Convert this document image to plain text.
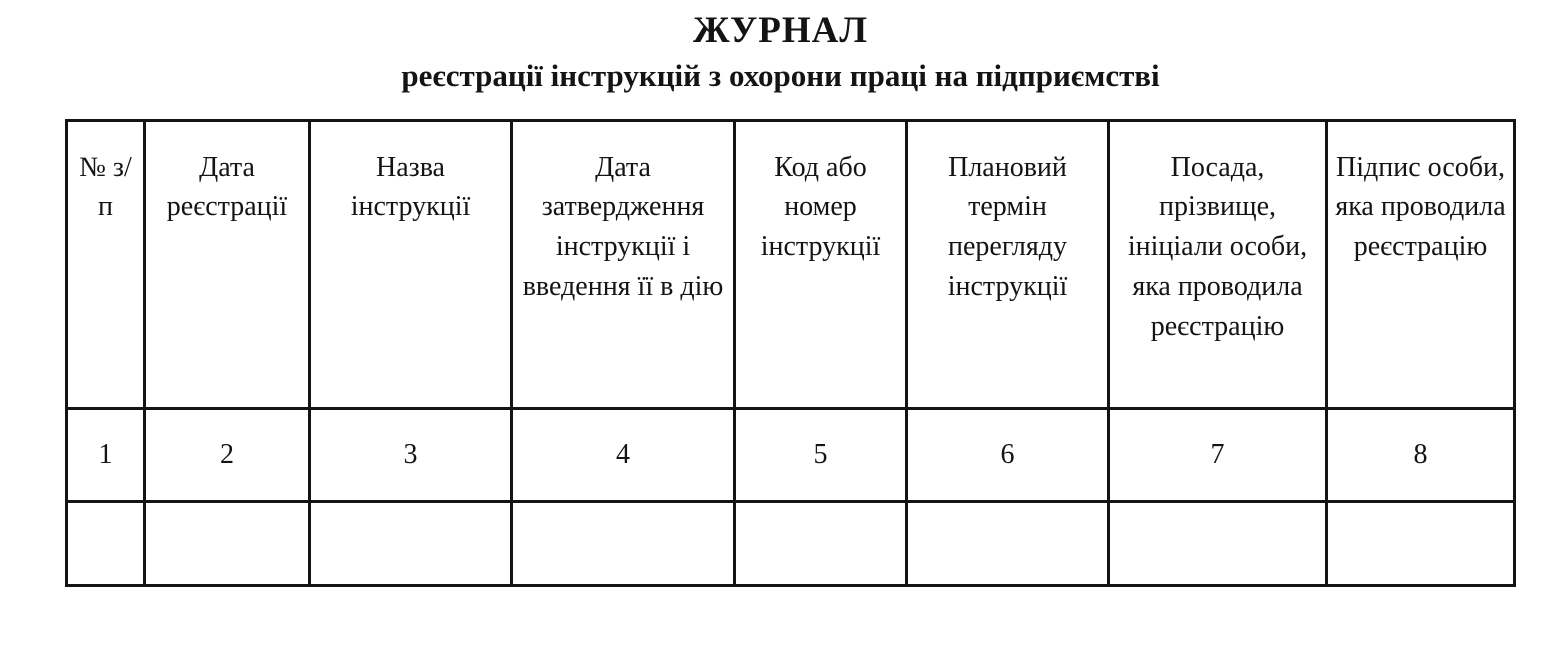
ЖУРНАЛ
реєстрації інструкцій з охорони праці на підприємстві
№ з/п	Дата реєстрації	Назва інструкції	Дата затвердження інструкції і введення її в дію	Код або номер інструкції	Плановий термін перегляду інструкції	Посада, прізвище, ініціали особи, яка проводила реєстрацію	Підпис особи, яка проводила реєстрацію
1	2	3	4	5	6	7	8
